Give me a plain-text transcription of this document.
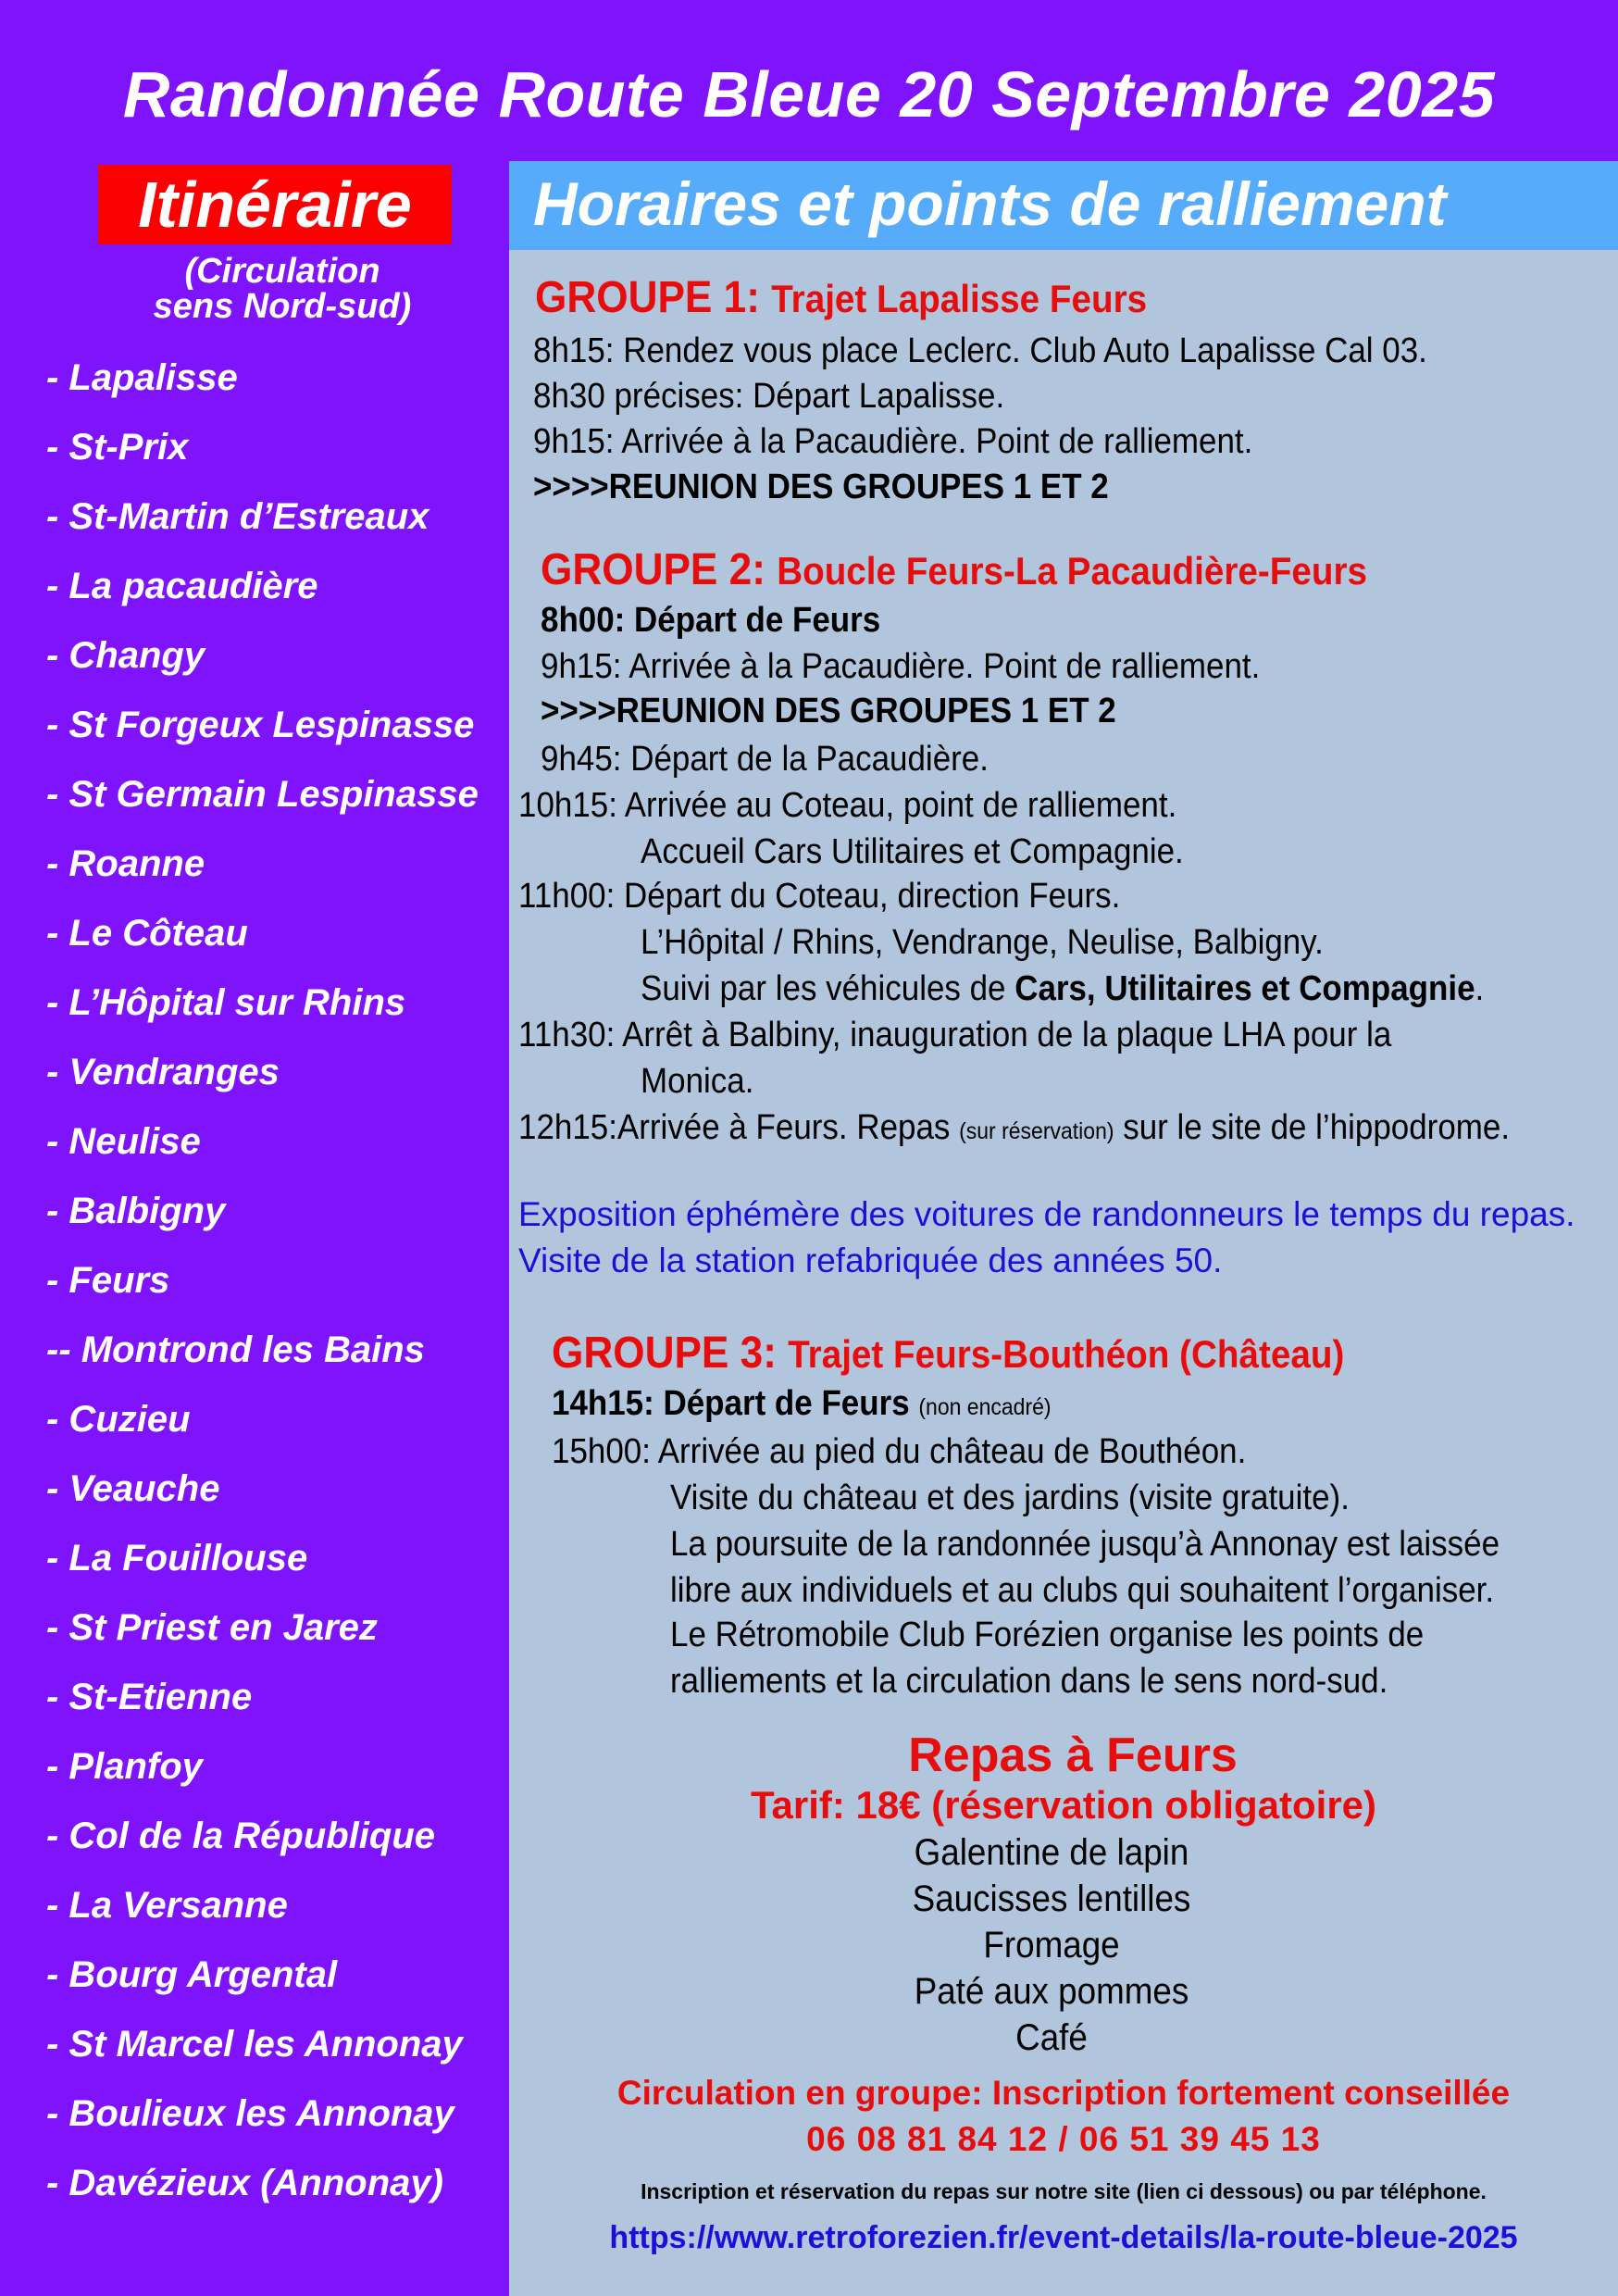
Randonnée Route Bleue 20 Septembre 2025
Itinéraire
(Circulation
sens Nord-sud)
- Lapalisse
- St-Prix
- St-Martin d’Estreaux
- La pacaudière
- Changy
- St Forgeux Lespinasse
- St Germain Lespinasse
- Roanne
- Le Côteau
- L’Hôpital sur Rhins
- Vendranges
- Neulise
- Balbigny
- Feurs
-- Montrond les Bains
- Cuzieu
- Veauche
- La Fouillouse
- St Priest en Jarez
- St-Etienne
- Planfoy
- Col de la République
- La Versanne
- Bourg Argental
- St Marcel les Annonay
- Boulieux les Annonay
- Davézieux (Annonay)
Horaires et points de ralliement
GROUPE 1: Trajet Lapalisse Feurs
8h15: Rendez vous place Leclerc. Club Auto Lapalisse Cal 03.
8h30 précises: Départ Lapalisse.
9h15: Arrivée à la Pacaudière. Point de ralliement.
>>>>REUNION DES GROUPES 1 ET 2
GROUPE 2: Boucle Feurs-La Pacaudière-Feurs
8h00: Départ de Feurs
9h15: Arrivée à la Pacaudière. Point de ralliement.
>>>>REUNION DES GROUPES 1 ET 2
9h45: Départ de la Pacaudière.
10h15: Arrivée au Coteau, point de ralliement.
Accueil Cars Utilitaires et Compagnie.
11h00: Départ du Coteau, direction Feurs.
L’Hôpital / Rhins, Vendrange, Neulise, Balbigny.
Suivi par les véhicules de Cars, Utilitaires et Compagnie.
11h30: Arrêt à Balbiny, inauguration de la plaque LHA pour la
Monica.
12h15:Arrivée à Feurs. Repas (sur réservation) sur le site de l’hippodrome.
Exposition éphémère des voitures de randonneurs le temps du repas.
Visite de la station refabriquée des années 50.
GROUPE 3: Trajet Feurs-Bouthéon (Château)
14h15: Départ de Feurs (non encadré)
15h00: Arrivée au pied du château de Bouthéon.
Visite du château et des jardins (visite gratuite).
La poursuite de la randonnée jusqu’à Annonay est laissée
libre aux individuels et au clubs qui souhaitent l’organiser.
Le Rétromobile Club Forézien organise les points de
ralliements et la circulation dans le sens nord-sud.
Repas à Feurs
Tarif: 18€ (réservation obligatoire)
Galentine de lapin
Saucisses lentilles
Fromage
Paté aux pommes
Café
Circulation en groupe: Inscription fortement conseillée
06 08 81 84 12 / 06 51 39 45 13
Inscription et réservation du repas sur notre site (lien ci dessous) ou par téléphone.
https://www.retroforezien.fr/event-details/la-route-bleue-2025
